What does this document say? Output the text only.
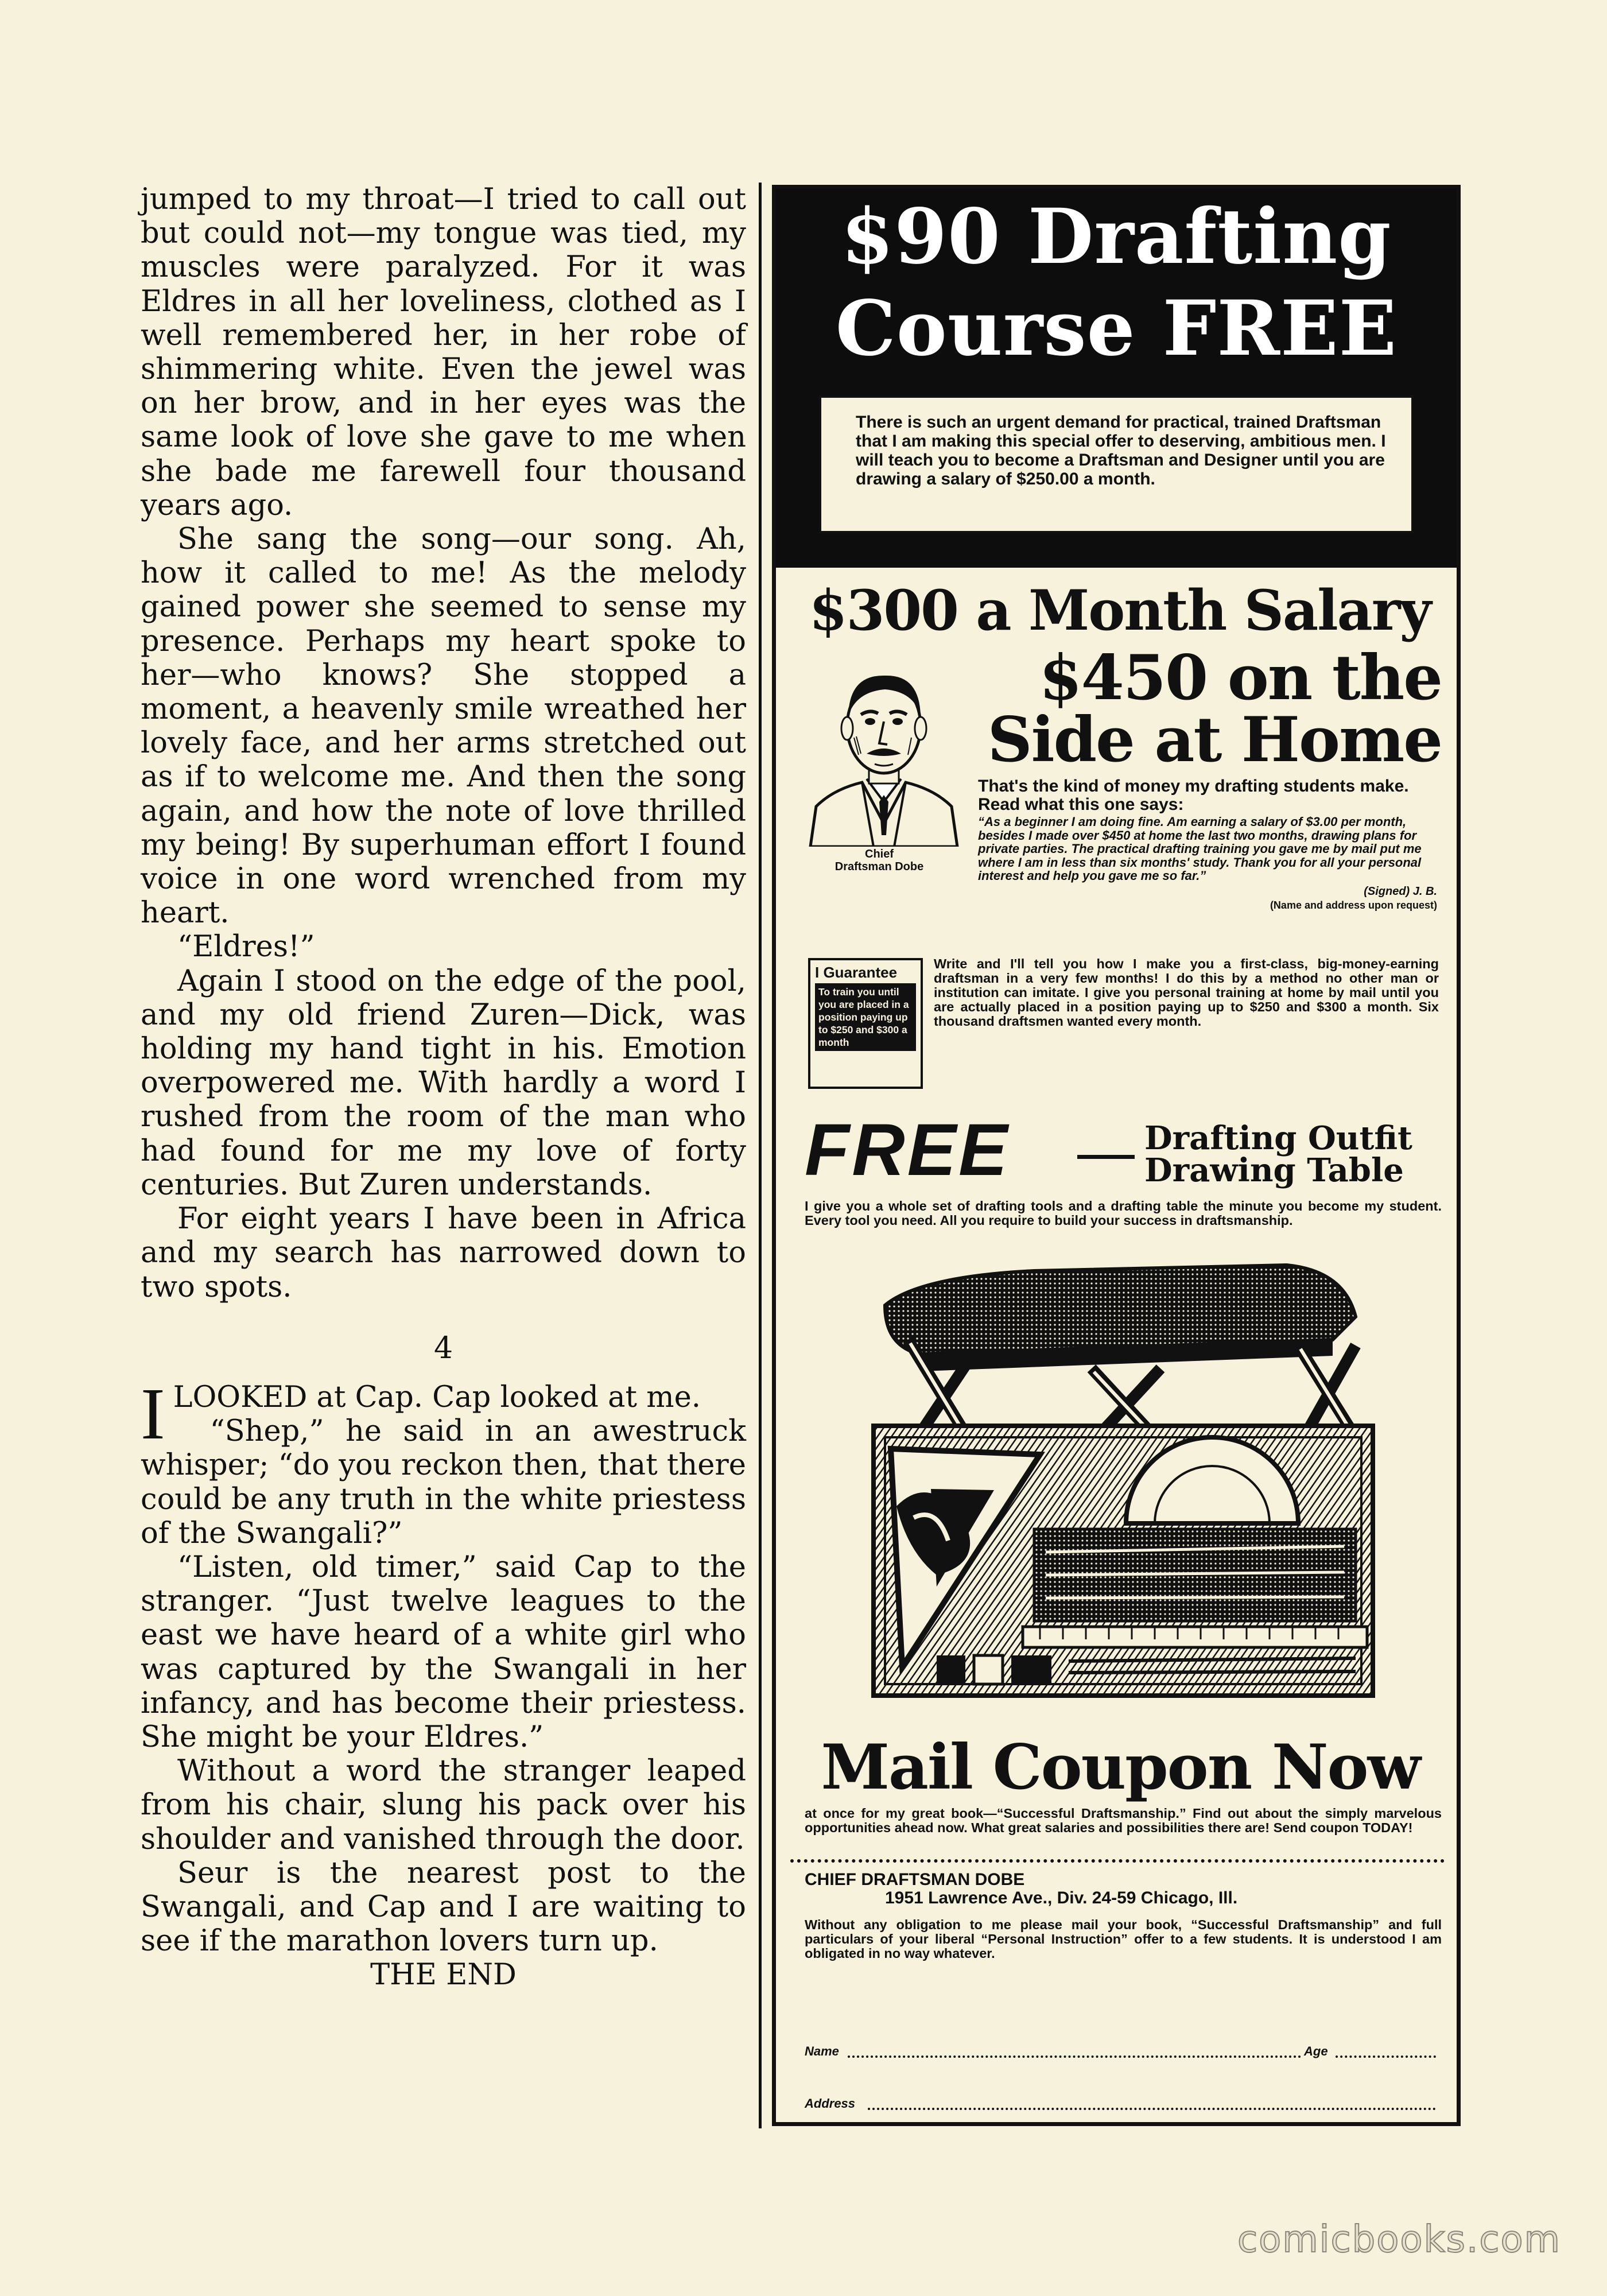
jumped to my throat—I tried to call out but could not—my tongue was tied, my muscles were paralyzed. For it was Eldres in all her loveliness, clothed as I well remembered her, in her robe of shimmering white. Even the jewel was on her brow, and in her eyes was the same look of love she gave to me when she bade me farewell four thousand years ago.

She sang the song—our song. Ah, how it called to me! As the melody gained power she seemed to sense my presence. Perhaps my heart spoke to her—who knows? She stopped a moment, a heavenly smile wreathed her lovely face, and her arms stretched out as if to welcome me. And then the song again, and how the note of love thrilled my being! By superhuman effort I found voice in one word wrenched from my heart.

“Eldres!”

Again I stood on the edge of the pool, and my old friend Zuren—Dick, was holding my hand tight in his. Emotion overpowered me. With hardly a word I rushed from the room of the man who had found for me my love of forty centuries. But Zuren understands.

For eight years I have been in Africa and my search has narrowed down to two spots.

4

ILOOKED at Cap. Cap looked at me.

“Shep,” he said in an awestruck whisper; “do you reckon then, that there could be any truth in the white priestess of the Swangali?”

“Listen, old timer,” said Cap to the stranger. “Just twelve leagues to the east we have heard of a white girl who was captured by the Swangali in her infancy, and has become their priestess. She might be your Eldres.”

Without a word the stranger leaped from his chair, slung his pack over his shoulder and vanished through the door.

Seur is the nearest post to the Swangali, and Cap and I are waiting to see if the marathon lovers turn up.

THE END

$90 Drafting
Course FREE
There is such an urgent demand for practical, trained Draftsman that I am making this special offer to deserving, ambitious men. I will teach you to become a Draftsman and Designer until you are drawing a salary of $250.00 a month.
$300 a Month Salary
$450 on the
Side at Home
Chief
Draftsman Dobe
That's the kind of money my drafting students make. Read what this one says:
“As a beginner I am doing fine. Am earning a salary of $3.00 per month, besides I made over $450 at home the last two months, drawing plans for private parties. The practical drafting training you gave me by mail put me where I am in less than six months' study. Thank you for all your personal interest and help you gave me so far.”
(Signed) J. B.
(Name and address upon request)
I Guarantee
To train you until you are placed in a position paying up to $250 and $300 a month
Write and I'll tell you how I make you a first-class, big-money-earning draftsman in a very few months! I do this by a method no other man or institution can imitate. I give you personal training at home by mail until you are actually placed in a position paying up to $250 and $300 a month. Six thousand draftsmen wanted every month.
FREE	Drafting Outfit
Drawing Table
I give you a whole set of drafting tools and a drafting table the minute you become my student. Every tool you need. All you require to build your success in draftsmanship.
Mail Coupon Now
at once for my great book—“Successful Draftsmanship.” Find out about the simply marvelous opportunities ahead now. What great salaries and possibilities there are! Send coupon TODAY!
CHIEF DRAFTSMAN DOBE
1951 Lawrence Ave., Div. 24-59 Chicago, Ill.
Without any obligation to me please mail your book, “Successful Draftsmanship” and full particulars of your liberal “Personal Instruction” offer to a few students. It is understood I am obligated in no way whatever.
Name	Age
Address
comicbooks.com
